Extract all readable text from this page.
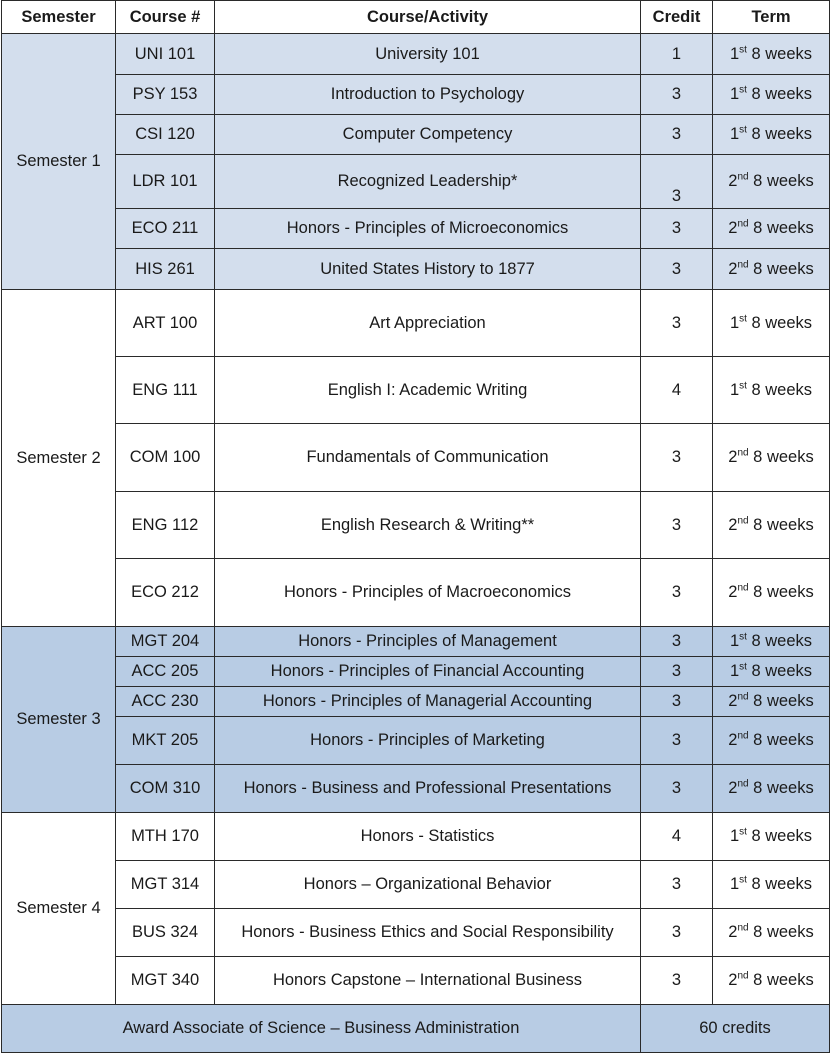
Semester	Course #	Course/Activity	Credit	Term
Semester 1	UNI 101	University 101	1	1st 8 weeks
	PSY 153	Introduction to Psychology	3	1st 8 weeks
	CSI 120	Computer Competency	3	1st 8 weeks
	LDR 101	Recognized Leadership*	3	2nd 8 weeks
	ECO 211	Honors - Principles of Microeconomics	3	2nd 8 weeks
	HIS 261	United States History to 1877	3	2nd 8 weeks
Semester 2	ART 100	Art Appreciation	3	1st 8 weeks
	ENG 111	English I: Academic Writing	4	1st 8 weeks
	COM 100	Fundamentals of Communication	3	2nd 8 weeks
	ENG 112	English Research & Writing**	3	2nd 8 weeks
	ECO 212	Honors - Principles of Macroeconomics	3	2nd 8 weeks
Semester 3	MGT 204	Honors - Principles of Management	3	1st 8 weeks
	ACC 205	Honors - Principles of Financial Accounting	3	1st 8 weeks
	ACC 230	Honors - Principles of Managerial Accounting	3	2nd 8 weeks
	MKT 205	Honors - Principles of Marketing	3	2nd 8 weeks
	COM 310	Honors - Business and Professional Presentations	3	2nd 8 weeks
Semester 4	MTH 170	Honors - Statistics	4	1st 8 weeks
	MGT 314	Honors – Organizational Behavior	3	1st 8 weeks
	BUS 324	Honors - Business Ethics and Social Responsibility	3	2nd 8 weeks
	MGT 340	Honors Capstone – International Business	3	2nd 8 weeks
Award Associate of Science – Business Administration			60 credits	
